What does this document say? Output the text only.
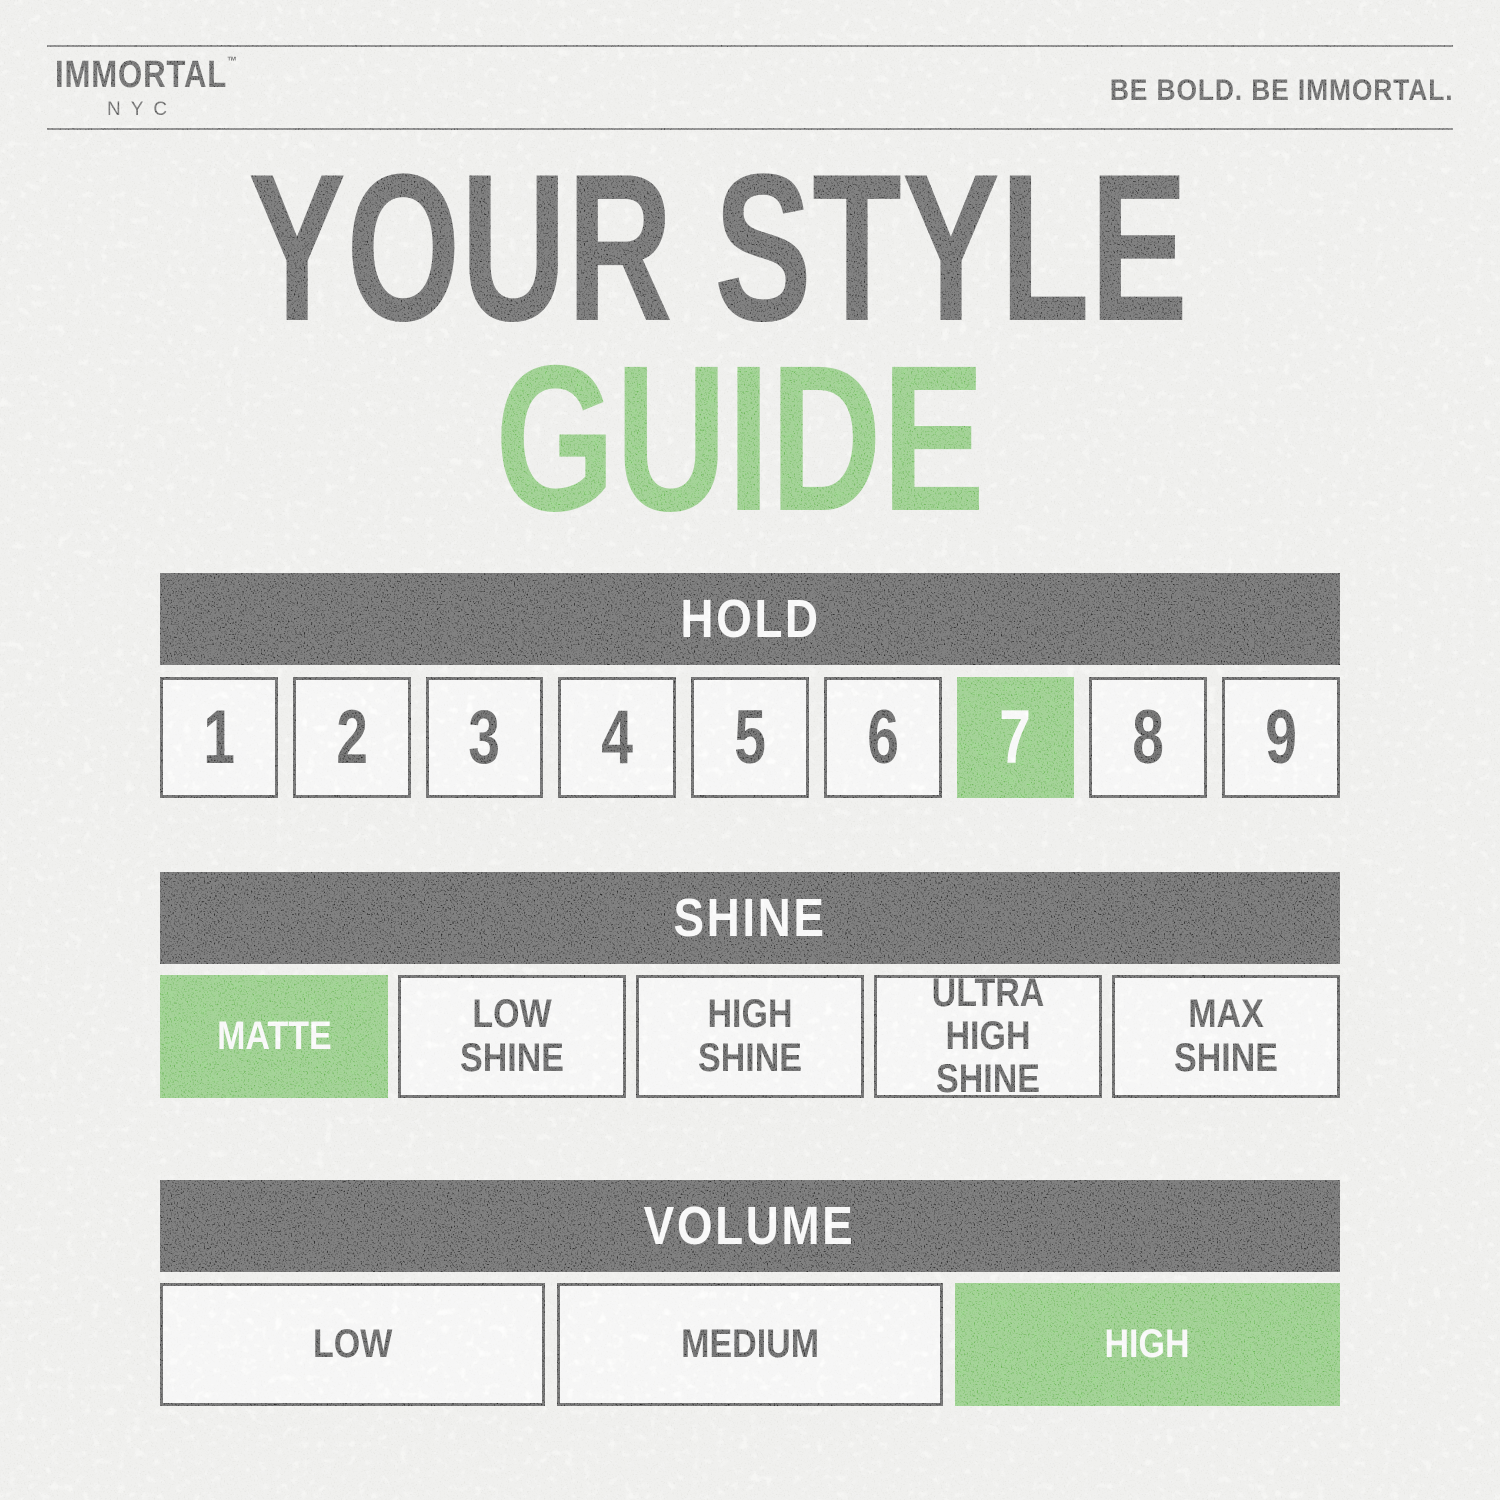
IMMORTAL™
NYC
BE BOLD. BE IMMORTAL.
YOUR STYLE
GUIDE
HOLD
1 2 3 4 5 6 7 8 9
SHINE
MATTE	LOW SHINE
HIGH SHINE
ULTRA HIGH SHINE
MAX SHINE
VOLUME
LOW	MEDIUM	HIGH
